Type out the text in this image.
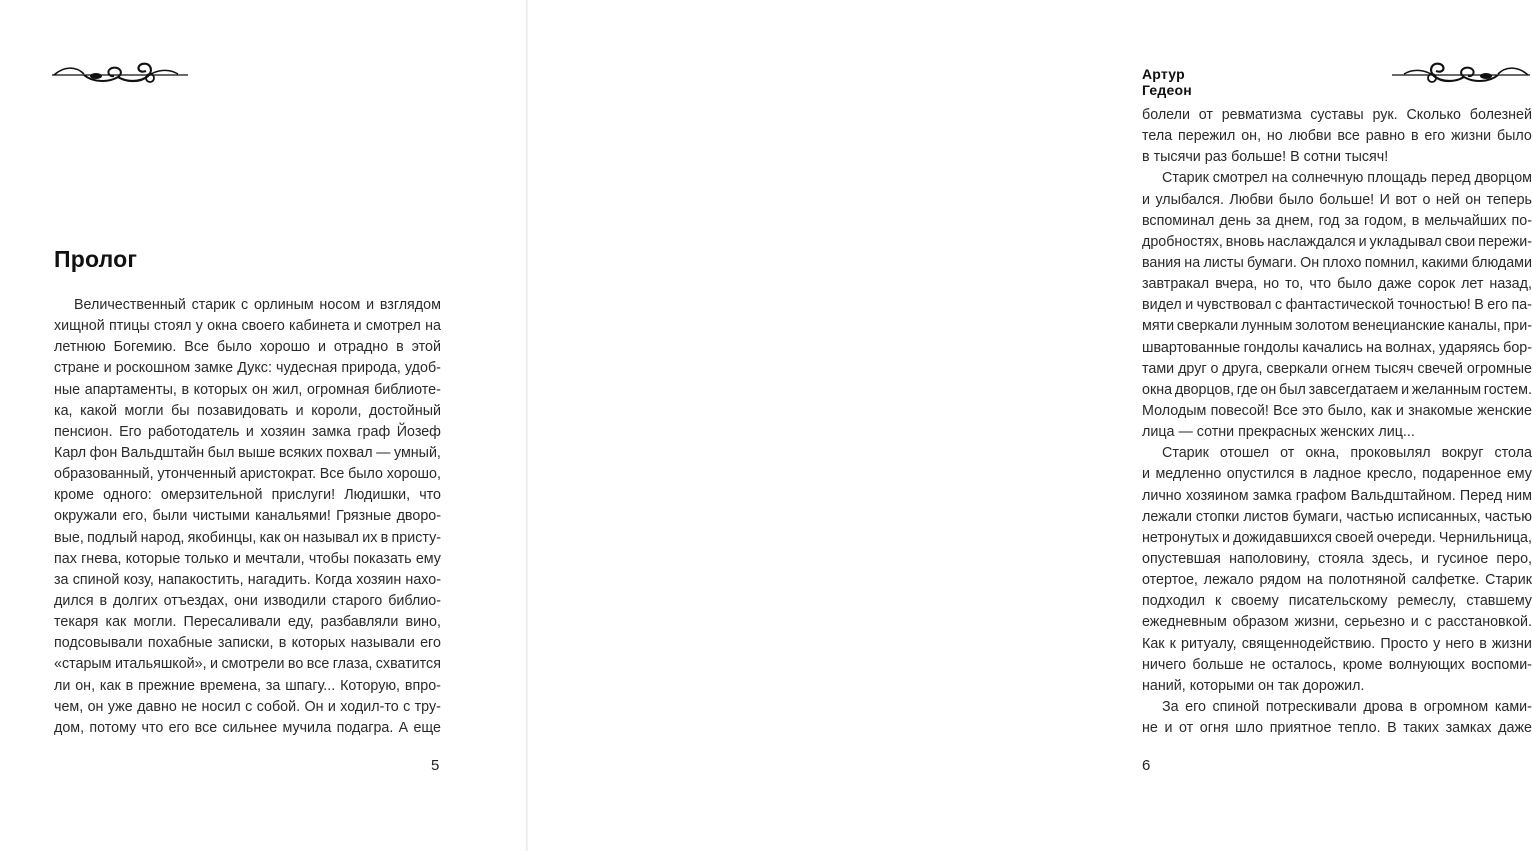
Пролог
Величественный старик с орлиным носом и взглядом
хищной птицы стоял у окна своего кабинета и смотрел на
летнюю Богемию. Все было хорошо и отрадно в этой
стране и роскошном замке Дукс: чудесная природа, удоб-
ные апартаменты, в которых он жил, огромная библиоте-
ка, какой могли бы позавидовать и короли, достойный
пенсион. Его работодатель и хозяин замка граф Йозеф
Карл фон Вальдштайн был выше всяких похвал — умный,
образованный, утонченный аристократ. Все было хорошо,
кроме одного: омерзительной прислуги! Людишки, что
окружали его, были чистыми канальями! Грязные дворо-
вые, подлый народ, якобинцы, как он называл их в присту-
пах гнева, которые только и мечтали, чтобы показать ему
за спиной козу, напакостить, нагадить. Когда хозяин нахо-
дился в долгих отъездах, они изводили старого библио-
текаря как могли. Пересаливали еду, разбавляли вино,
подсовывали похабные записки, в которых называли его
«старым итальяшкой», и смотрели во все глаза, схватится
ли он, как в прежние времена, за шпагу... Которую, впро-
чем, он уже давно не носил с собой. Он и ходил-то с тру-
дом, потому что его все сильнее мучила подагра. А еще
5
Артур Гедеон
болели от ревматизма суставы рук. Сколько болезней
тела пережил он, но любви все равно в его жизни было
в тысячи раз больше! В сотни тысяч!
Старик смотрел на солнечную площадь перед дворцом
и улыбался. Любви было больше! И вот о ней он теперь
вспоминал день за днем, год за годом, в мельчайших по-
дробностях, вновь наслаждался и укладывал свои пережи-
вания на листы бумаги. Он плохо помнил, какими блюдами
завтракал вчера, но то, что было даже сорок лет назад,
видел и чувствовал с фантастической точностью! В его па-
мяти сверкали лунным золотом венецианские каналы, при-
швартованные гондолы качались на волнах, ударяясь бор-
тами друг о друга, сверкали огнем тысяч свечей огромные
окна дворцов, где он был завсегдатаем и желанным гостем.
Молодым повесой! Все это было, как и знакомые женские
лица — сотни прекрасных женских лиц...
Старик отошел от окна, проковылял вокруг стола
и медленно опустился в ладное кресло, подаренное ему
лично хозяином замка графом Вальдштайном. Перед ним
лежали стопки листов бумаги, частью исписанных, частью
нетронутых и дожидавшихся своей очереди. Чернильница,
опустевшая наполовину, стояла здесь, и гусиное перо,
отертое, лежало рядом на полотняной салфетке. Старик
подходил к своему писательскому ремеслу, ставшему
ежедневным образом жизни, серьезно и с расстановкой.
Как к ритуалу, священнодействию. Просто у него в жизни
ничего больше не осталось, кроме волнующих воспоми-
наний, которыми он так дорожил.
За его спиной потрескивали дрова в огромном ками-
не и от огня шло приятное тепло. В таких замках даже
6
